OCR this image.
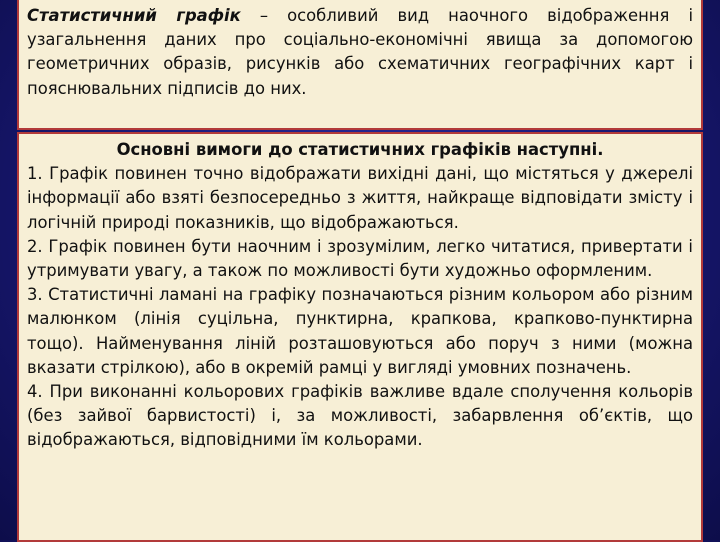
Статистичний графік – особливий вид наочного відображення і узагальнення даних про соціально-економічні явища за допомогою геометричних образів, рисунків або схематичних географічних карт і пояснювальних підписів до них.

Основні вимоги до статистичних графіків наступні.

1. Графік повинен точно відображати вихідні дані, що містяться у джерелі інформації або взяті безпосередньо з життя, найкраще відповідати змісту і логічній природі показників, що відображаються.

2. Графік повинен бути наочним і зрозумілим, легко читатися, привертати і утримувати увагу, а також по можливості бути художньо оформленим.

3. Статистичні ламані на графіку позначаються різним кольором або різним малюнком (лінія суцільна, пунктирна, крапкова, крапково-пунктирна тощо). Найменування ліній розташовуються або поруч з ними (можна вказати стрілкою), або в окремій рамці у вигляді умовних позначень.

4. При виконанні кольорових графіків важливе вдале сполучення кольорів (без зайвої барвистості) і, за можливості, забарвлення об’єктів, що відображаються, відповідними їм кольорами.
